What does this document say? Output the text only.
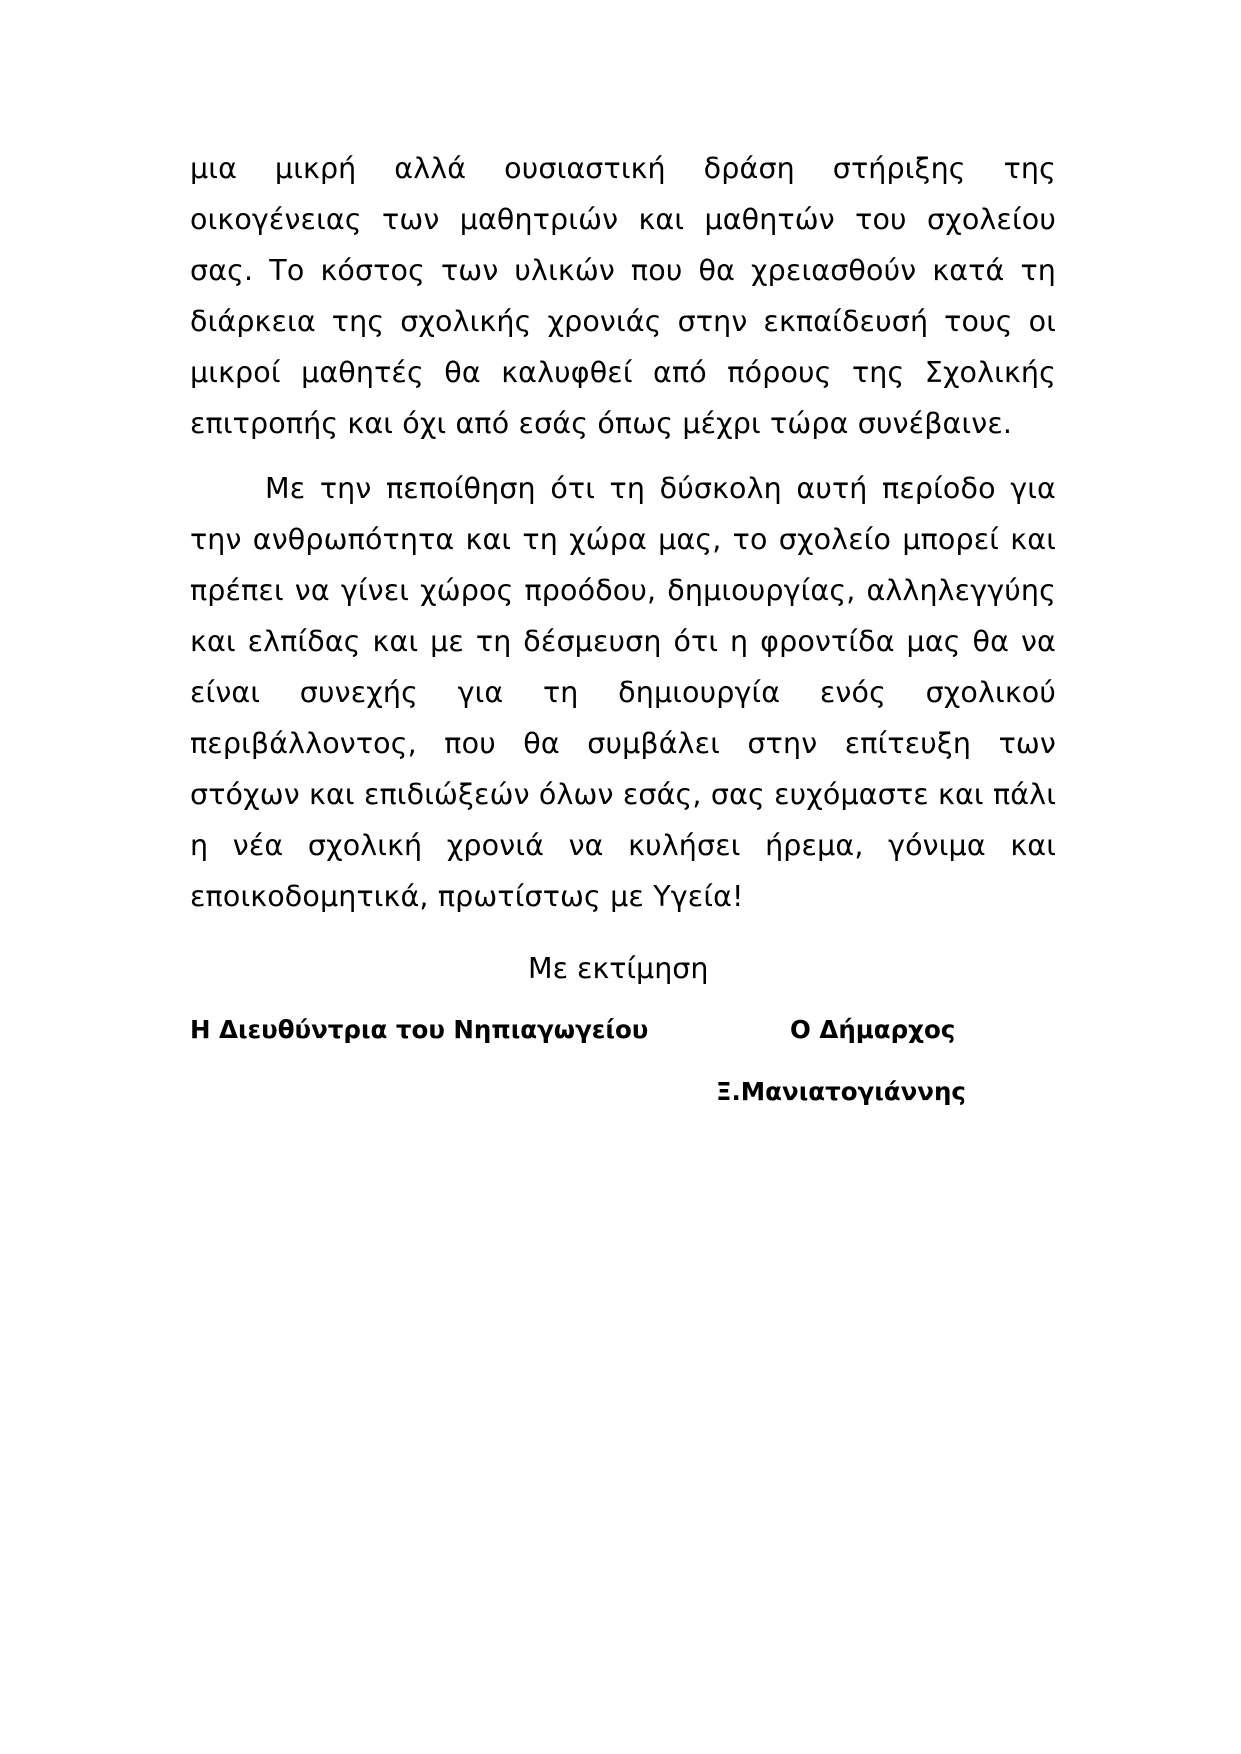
μια μικρή αλλά ουσιαστική δράση στήριξης της οικογένειας των μαθητριών και μαθητών του σχολείου σας. Το κόστος των υλικών που θα χρειασθούν κατά τη διάρκεια της σχολικής χρονιάς στην εκπαίδευσή τους οι μικροί μαθητές θα καλυφθεί από πόρους της Σχολικής επιτροπής και όχι από εσάς όπως μέχρι τώρα συνέβαινε.

Με την πεποίθηση ότι τη δύσκολη αυτή περίοδο για την ανθρωπότητα και τη χώρα μας, το σχολείο μπορεί και πρέπει να γίνει χώρος προόδου, δημιουργίας, αλληλεγγύης και ελπίδας και με τη δέσμευση ότι η φροντίδα μας θα να είναι συνεχής για τη δημιουργία ενός σχολικού περιβάλλοντος, που θα συμβάλει στην επίτευξη των στόχων και επιδιώξεών όλων εσάς, σας ευχόμαστε και πάλι η νέα σχολική χρονιά να κυλήσει ήρεμα, γόνιμα και εποικοδομητικά, πρωτίστως με Υγεία!

Με εκτίμηση

Η Διευθύντρια του Νηπιαγωγείου	Ο Δήμαρχος

Ξ.Μανιατογιάννης
